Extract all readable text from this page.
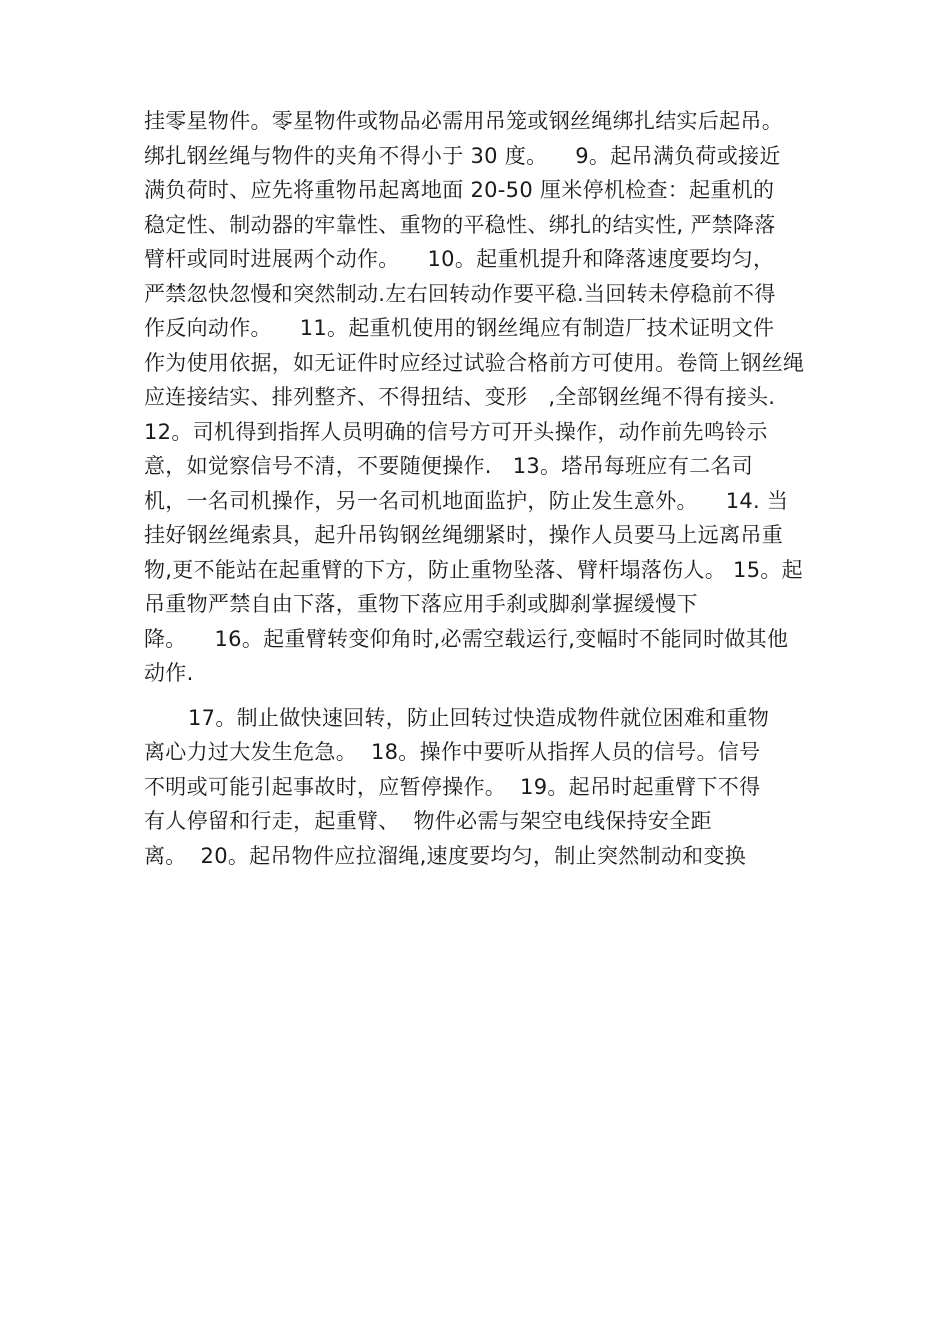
挂零星物件。零星物件或物品必需用吊笼或钢丝绳绑扎结实后起吊。
绑扎钢丝绳与物件的夹角不得小于 30 度。    9。起吊满负荷或接近
满负荷时、应先将重物吊起离地面 20-50 厘米停机检查：起重机的
稳定性、制动器的牢靠性、重物的平稳性、绑扎的结实性, 严禁降落
臂杆或同时进展两个动作。    10。起重机提升和降落速度要均匀，
严禁忽快忽慢和突然制动.左右回转动作要平稳.当回转未停稳前不得
作反向动作。    11。起重机使用的钢丝绳应有制造厂技术证明文件
作为使用依据，如无证件时应经过试验合格前方可使用。卷筒上钢丝绳
应连接结实、排列整齐、不得扭结、变形   ,全部钢丝绳不得有接头.
12。司机得到指挥人员明确的信号方可开头操作，动作前先鸣铃示
意，如觉察信号不清，不要随便操作.   13。塔吊每班应有二名司
机，一名司机操作，另一名司机地面监护，防止发生意外。    14. 当
挂好钢丝绳索具，起升吊钩钢丝绳绷紧时，操作人员要马上远离吊重
物,更不能站在起重臂的下方，防止重物坠落、臂杆塌落伤人。 15。起
吊重物严禁自由下落，重物下落应用手刹或脚刹掌握缓慢下
降。    16。起重臂转变仰角时,必需空载运行,变幅时不能同时做其他
动作.
17。制止做快速回转，防止回转过快造成物件就位困难和重物
离心力过大发生危急。  18。操作中要听从指挥人员的信号。信号
不明或可能引起事故时，应暂停操作。  19。起吊时起重臂下不得
有人停留和行走，起重臂、  物件必需与架空电线保持安全距
离。  20。起吊物件应拉溜绳,速度要均匀，制止突然制动和变换
